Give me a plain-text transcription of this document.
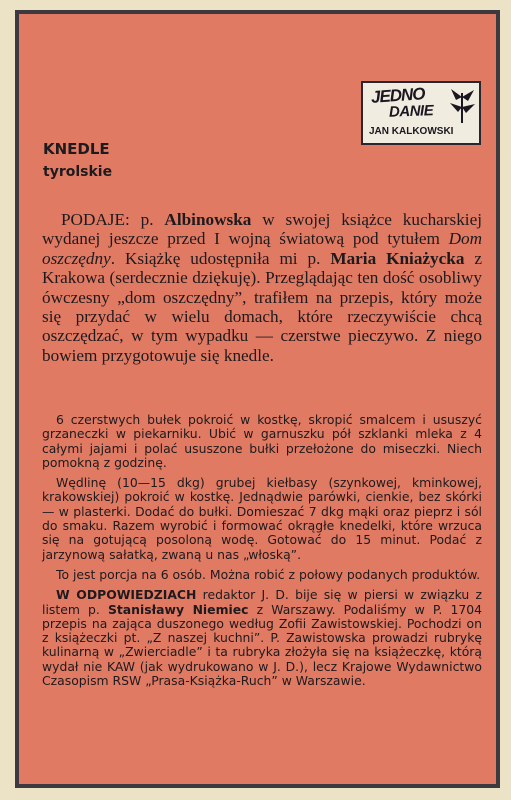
JEDNO
DANIE
JAN KALKOWSKI
KNEDLE
tyrolskie

PODAJE: p. Albinowska w swojej książce kucharskiej wydanej jeszcze przed I wojną światową pod tytułem Dom oszczędny. Książkę udostępniła mi p. Maria Kniażycka z Krakowa (serdecznie dziękuję). Przeglądając ten dość osobliwy ówczesny „dom oszczędny”, trafiłem na przepis, który może się przydać w wielu domach, które rzeczywiście chcą oszczędzać, w tym wypadku — czerstwe pieczywo. Z niego bowiem przygotowuje się knedle.

6 czerstwych bułek pokroić w kostkę, skropić smalcem i ususzyć grzaneczki w piekarniku. Ubić w garnuszku pół szklanki mleka z 4 całymi jajami i polać ususzone bułki przełożone do miseczki. Niech pomokną z godzinę.

Wędlinę (10—15 dkg) grubej kiełbasy (szynkowej, kminkowej, krakowskiej) pokroić w kostkę. Jednądwie parówki, cienkie, bez skórki — w plasterki. Dodać do bułki. Domieszać 7 dkg mąki oraz pieprz i sól do smaku. Razem wyrobić i formować okrągłe knedelki, które wrzuca się na gotującą posoloną wodę. Gotować do 15 minut. Podać z jarzynową sałatką, zwaną u nas „włoską”.

To jest porcja na 6 osób. Można robić z połowy podanych produktów.

W ODPOWIEDZIACH redaktor J. D. bije się w piersi w związku z listem p. Stanisławy Niemiec z Warszawy. Podaliśmy w P. 1704 przepis na zająca duszonego według Zofii Zawistowskiej. Pochodzi on z książeczki pt. „Z naszej kuchni”. P. Zawistowska prowadzi rubrykę kulinarną w „Zwierciadle” i ta rubryka złożyła się na książeczkę, którą wydał nie KAW (jak wydrukowano w J. D.), lecz Krajowe Wydawnictwo Czasopism RSW „Prasa-Książka-Ruch” w Warszawie.
